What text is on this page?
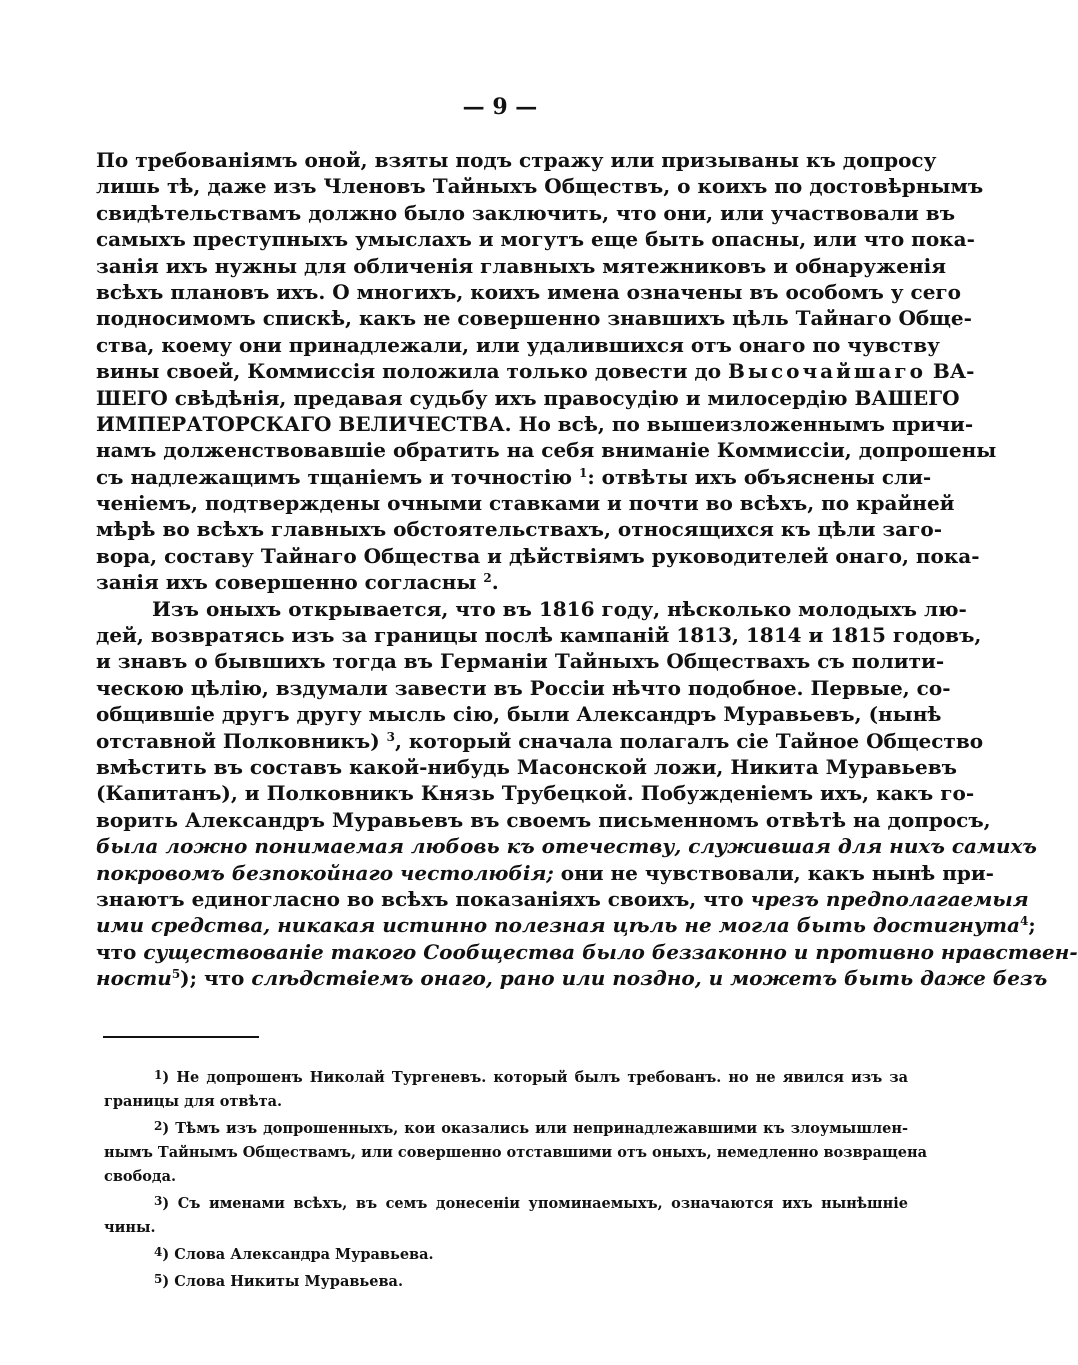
— 9 —
По требованіямъ оной, взяты подъ стражу или призываны къ допросу
лишь тѣ, даже изъ Членовъ Тайныхъ Обществъ, о коихъ по достовѣрнымъ
свидѣтельствамъ должно было заключить, что они, или участвовали въ
самыхъ преступныхъ умыслахъ и могутъ еще быть опасны, или что пока-
занія ихъ нужны для обличенія главныхъ мятежниковъ и обнаруженія
всѣхъ плановъ ихъ. О многихъ, коихъ имена означены въ особомъ у сего
подносимомъ спискѣ, какъ не совершенно знавшихъ цѣль Тайнаго Обще-
ства, коему они принадлежали, или удалившихся отъ онаго по чувству
вины своей, Коммиссія положила только довести до Высочайшаго ВА-
ШЕГО свѣдѣнія, предавая судьбу ихъ правосудію и милосердію ВАШЕГО
ИМПЕРАТОРСКАГО ВЕЛИЧЕСТВА. Но всѣ, по вышеизложеннымъ причи-
намъ долженствовавшіе обратить на себя вниманіе Коммиссіи, допрошены
съ надлежащимъ тщаніемъ и точностію $^1$: отвѣты ихъ объяснены сли-
ченіемъ, подтверждены очными ставками и почти во всѣхъ, по крайней
мѣрѣ во всѣхъ главныхъ обстоятельствахъ, относящихся къ цѣли заго-
вора, составу Тайнаго Общества и дѣйствіямъ руководителей онаго, пока-
занія ихъ совершенно согласны $^2$.
Изъ оныхъ открывается, что въ 1816 году, нѣсколько молодыхъ лю-
дей, возвратясь изъ за границы послѣ кампаній 1813, 1814 и 1815 годовъ,
и знавъ о бывшихъ тогда въ Германіи Тайныхъ Обществахъ съ полити-
ческою цѣлію, вздумали завести въ Россіи нѣчто подобное. Первые, со-
общившіе другъ другу мысль сію, были Александръ Муравьевъ, (нынѣ
отставной Полковникъ) $^3$, который сначала полагалъ сіе Тайное Общество
вмѣстить въ составъ какой-нибудь Масонской ложи, Никита Муравьевъ
(Капитанъ), и Полковникъ Князь Трубецкой. Побужденіемъ ихъ, какъ го-
ворить Александръ Муравьевъ въ своемъ письменномъ отвѣтѣ на допросъ,
была ложно понимаемая любовь къ отечеству, служившая для нихъ самихъ
покровомъ безпокойнаго честолюбія; они не чувствовали, какъ нынѣ при-
знаютъ единогласно во всѣхъ показаніяхъ своихъ, что чрезъ предполагаемыя
ими средства, никакая истинно полезная цѣль не могла быть достигнута$^4$;
что существованіе такого Сообщества было беззаконно и противно нравствен-
ности$^5$); что слѣдствіемъ онаго, рано или поздно, и можетъ быть даже безъ
$^1$) Не допрошенъ Николай Тургеневъ. который былъ требованъ. но не явился изъ за
границы для отвѣта.
$^2$) Тѣмъ изъ допрошенныхъ, кои оказались или непринадлежавшими къ злоумышлен-
нымъ Тайнымъ Обществамъ, или совершенно отставшими отъ оныхъ, немедленно возвращена
свобода.
$^3$) Съ именами всѣхъ, въ семъ донесеніи упоминаемыхъ, означаются ихъ нынѣшніе
чины.
$^4$) Слова Александра Муравьева.
$^5$) Слова Никиты Муравьева.
